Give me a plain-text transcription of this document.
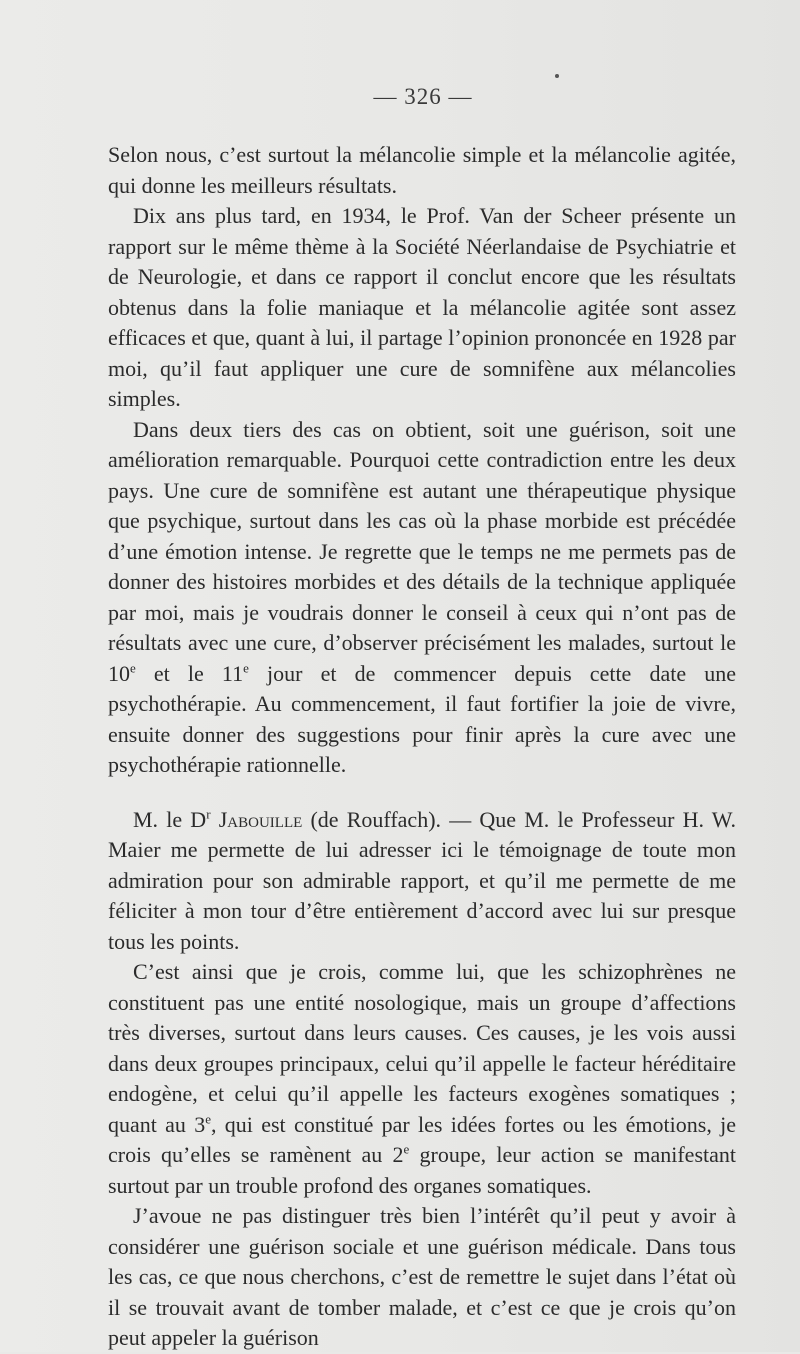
— 326 —

Selon nous, c’est surtout la mélancolie simple et la mélancolie agitée, qui donne les meilleurs résultats.

Dix ans plus tard, en 1934, le Prof. Van der Scheer présente un rapport sur le même thème à la Société Néerlandaise de Psychiatrie et de Neurologie, et dans ce rapport il conclut encore que les résultats obtenus dans la folie maniaque et la mélancolie agitée sont assez efficaces et que, quant à lui, il partage l’opinion prononcée en 1928 par moi, qu’il faut appliquer une cure de somnifène aux mélancolies simples.

Dans deux tiers des cas on obtient, soit une guérison, soit une amélioration remarquable. Pourquoi cette contradiction entre les deux pays. Une cure de somnifène est autant une thérapeutique physique que psychique, surtout dans les cas où la phase morbide est précédée d’une émotion intense. Je regrette que le temps ne me permets pas de donner des histoires morbides et des détails de la technique appliquée par moi, mais je voudrais donner le conseil à ceux qui n’ont pas de résultats avec une cure, d’observer précisément les malades, surtout le 10e et le 11e jour et de commencer depuis cette date une psychothérapie. Au commencement, il faut fortifier la joie de vivre, ensuite donner des suggestions pour finir après la cure avec une psychothérapie rationnelle.

M. le $D^r$ Jabouille (de Rouffach). — Que M. le Professeur H. W. Maier me permette de lui adresser ici le témoignage de toute mon admiration pour son admirable rapport, et qu’il me permette de me féliciter à mon tour d’être entièrement d’accord avec lui sur presque tous les points.

C’est ainsi que je crois, comme lui, que les schizophrènes ne constituent pas une entité nosologique, mais un groupe d’affections très diverses, surtout dans leurs causes. Ces causes, je les vois aussi dans deux groupes principaux, celui qu’il appelle le facteur héréditaire endogène, et celui qu’il appelle les facteurs exogènes somatiques ; quant au 3e, qui est constitué par les idées fortes ou les émotions, je crois qu’elles se ramènent au 2e groupe, leur action se manifestant surtout par un trouble profond des organes somatiques.

J’avoue ne pas distinguer très bien l’intérêt qu’il peut y avoir à considérer une guérison sociale et une guérison médicale. Dans tous les cas, ce que nous cherchons, c’est de remettre le sujet dans l’état où il se trouvait avant de tomber malade, et c’est ce que je crois qu’on peut appeler la guérison
